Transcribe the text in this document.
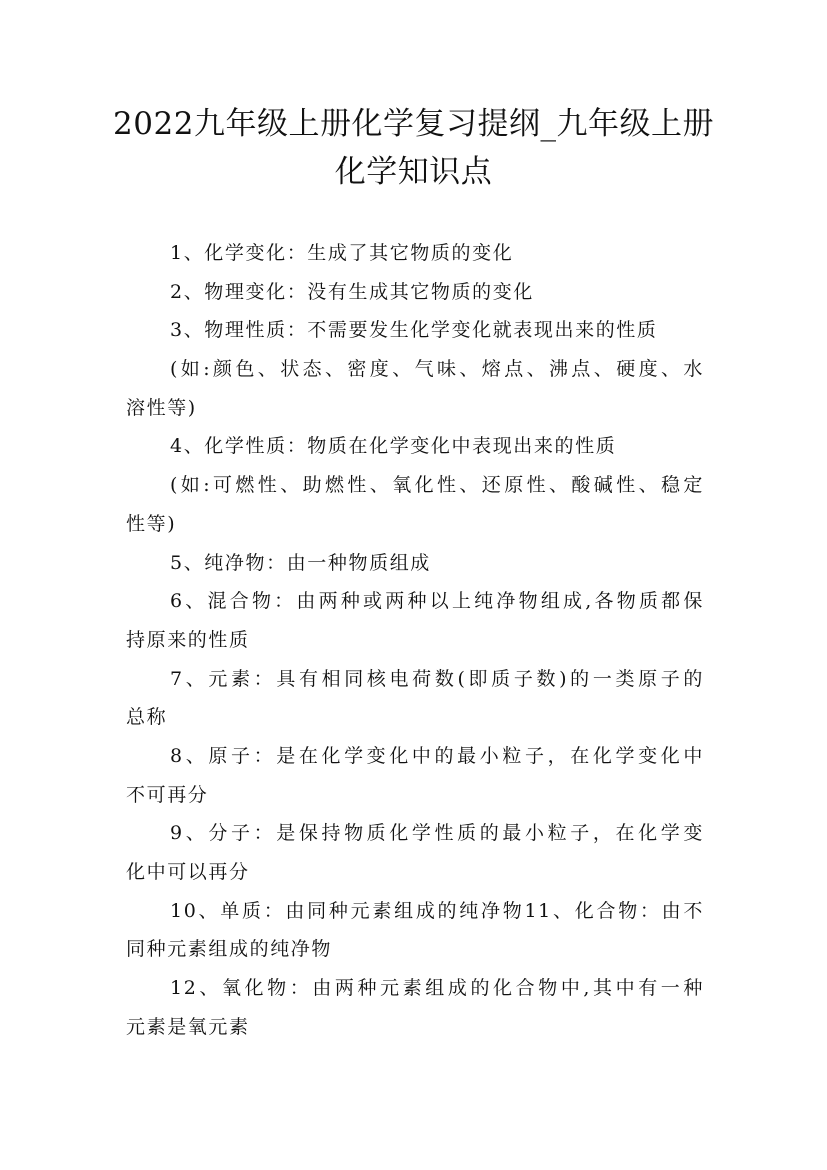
2022九年级上册化学复习提纲_九年级上册
化学知识点
1、化学变化：生成了其它物质的变化
2、物理变化：没有生成其它物质的变化
3、物理性质：不需要发生化学变化就表现出来的性质
(如:颜色、状态、密度、气味、熔点、沸点、硬度、水
溶性等)
4、化学性质：物质在化学变化中表现出来的性质
(如:可燃性、助燃性、氧化性、还原性、酸碱性、稳定
性等)
5、纯净物：由一种物质组成
6、混合物：由两种或两种以上纯净物组成,各物质都保
持原来的性质
7、元素：具有相同核电荷数(即质子数)的一类原子的
总称
8、原子：是在化学变化中的最小粒子，在化学变化中
不可再分
9、分子：是保持物质化学性质的最小粒子，在化学变
化中可以再分
10、单质：由同种元素组成的纯净物11、化合物：由不
同种元素组成的纯净物
12、氧化物：由两种元素组成的化合物中,其中有一种
元素是氧元素
